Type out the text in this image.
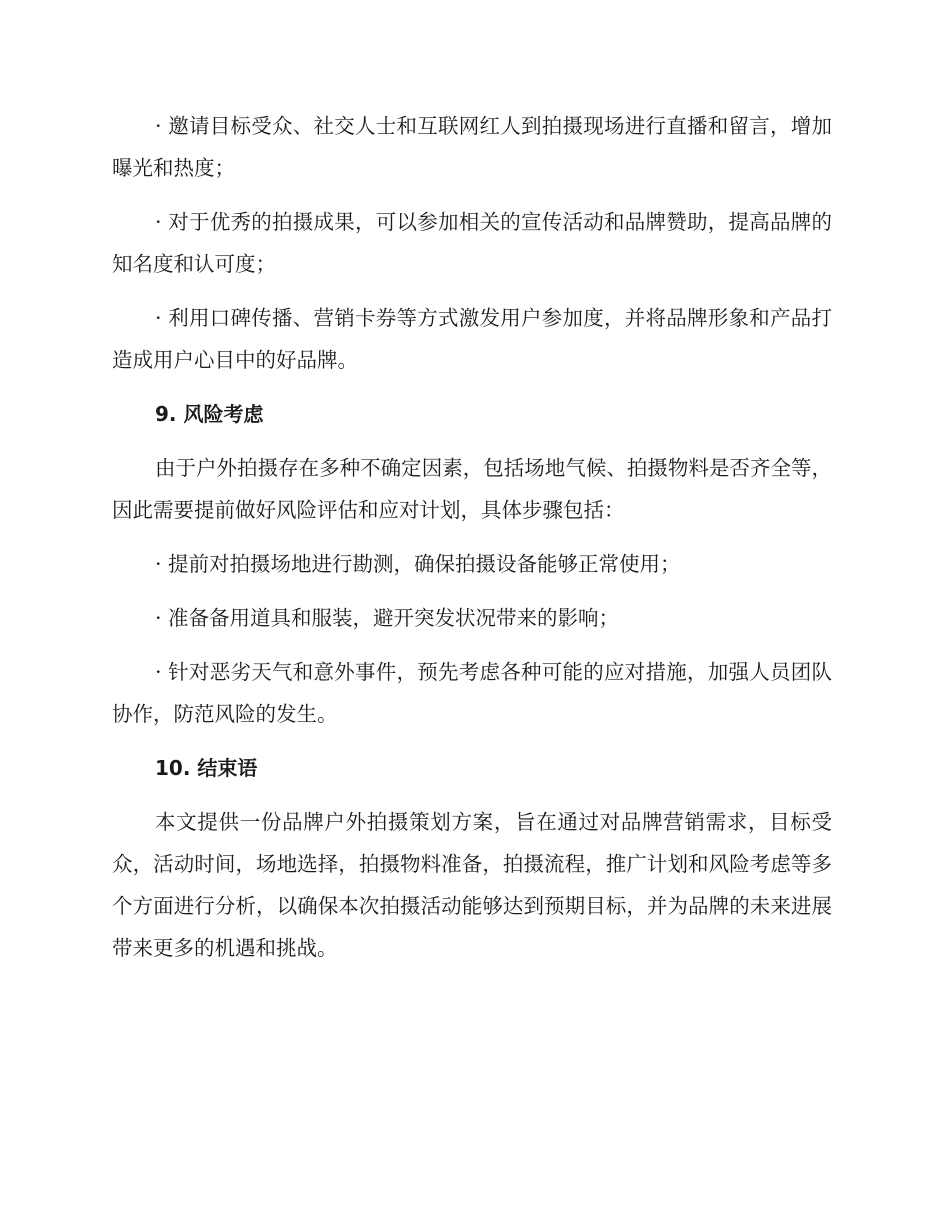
· 邀请目标受众、社交人士和互联网红人到拍摄现场进行直播和留言，增加曝光和热度；

· 对于优秀的拍摄成果，可以参加相关的宣传活动和品牌赞助，提高品牌的知名度和认可度；

· 利用口碑传播、营销卡券等方式激发用户参加度，并将品牌形象和产品打造成用户心目中的好品牌。

9. 风险考虑

由于户外拍摄存在多种不确定因素，包括场地气候、拍摄物料是否齐全等，因此需要提前做好风险评估和应对计划，具体步骤包括：

· 提前对拍摄场地进行勘测，确保拍摄设备能够正常使用；

· 准备备用道具和服装，避开突发状况带来的影响；

· 针对恶劣天气和意外事件，预先考虑各种可能的应对措施，加强人员团队协作，防范风险的发生。

10. 结束语

本文提供一份品牌户外拍摄策划方案，旨在通过对品牌营销需求，目标受众，活动时间，场地选择，拍摄物料准备，拍摄流程，推广计划和风险考虑等多个方面进行分析，以确保本次拍摄活动能够达到预期目标，并为品牌的未来进展带来更多的机遇和挑战。
